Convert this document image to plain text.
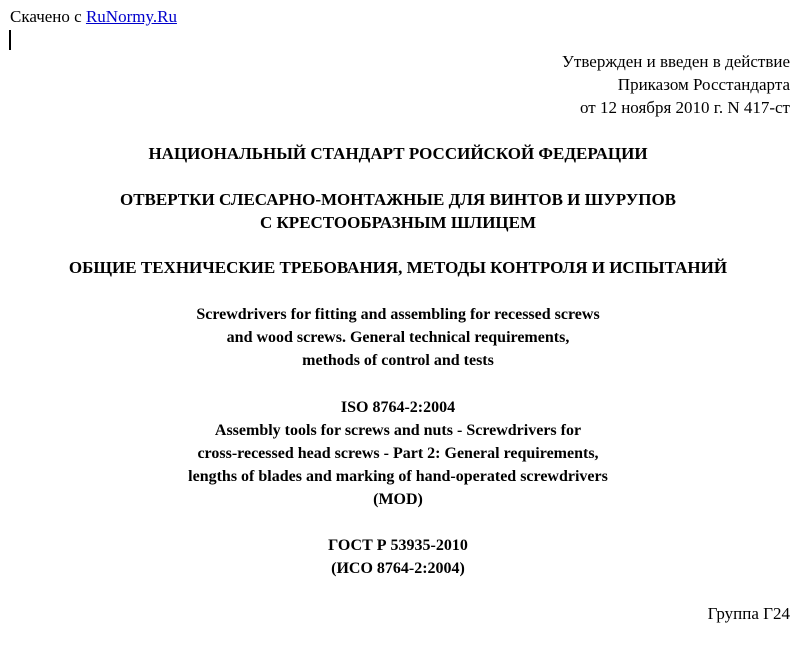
Скачено с RuNormy.Ru
Утвержден и введен в действие
Приказом Росстандарта
от 12 ноября 2010 г. N 417-ст
НАЦИОНАЛЬНЫЙ СТАНДАРТ РОССИЙСКОЙ ФЕДЕРАЦИИ
ОТВЕРТКИ СЛЕСАРНО-МОНТАЖНЫЕ ДЛЯ ВИНТОВ И ШУРУПОВ
С КРЕСТООБРАЗНЫМ ШЛИЦЕМ
ОБЩИЕ ТЕХНИЧЕСКИЕ ТРЕБОВАНИЯ, МЕТОДЫ КОНТРОЛЯ И ИСПЫТАНИЙ
Screwdrivers for fitting and assembling for recessed screws
and wood screws. General technical requirements,
methods of control and tests
ISO 8764-2:2004
Assembly tools for screws and nuts - Screwdrivers for
cross-recessed head screws - Part 2: General requirements,
lengths of blades and marking of hand-operated screwdrivers
(MOD)
ГОСТ Р 53935-2010
(ИСО 8764-2:2004)
Группа Г24
